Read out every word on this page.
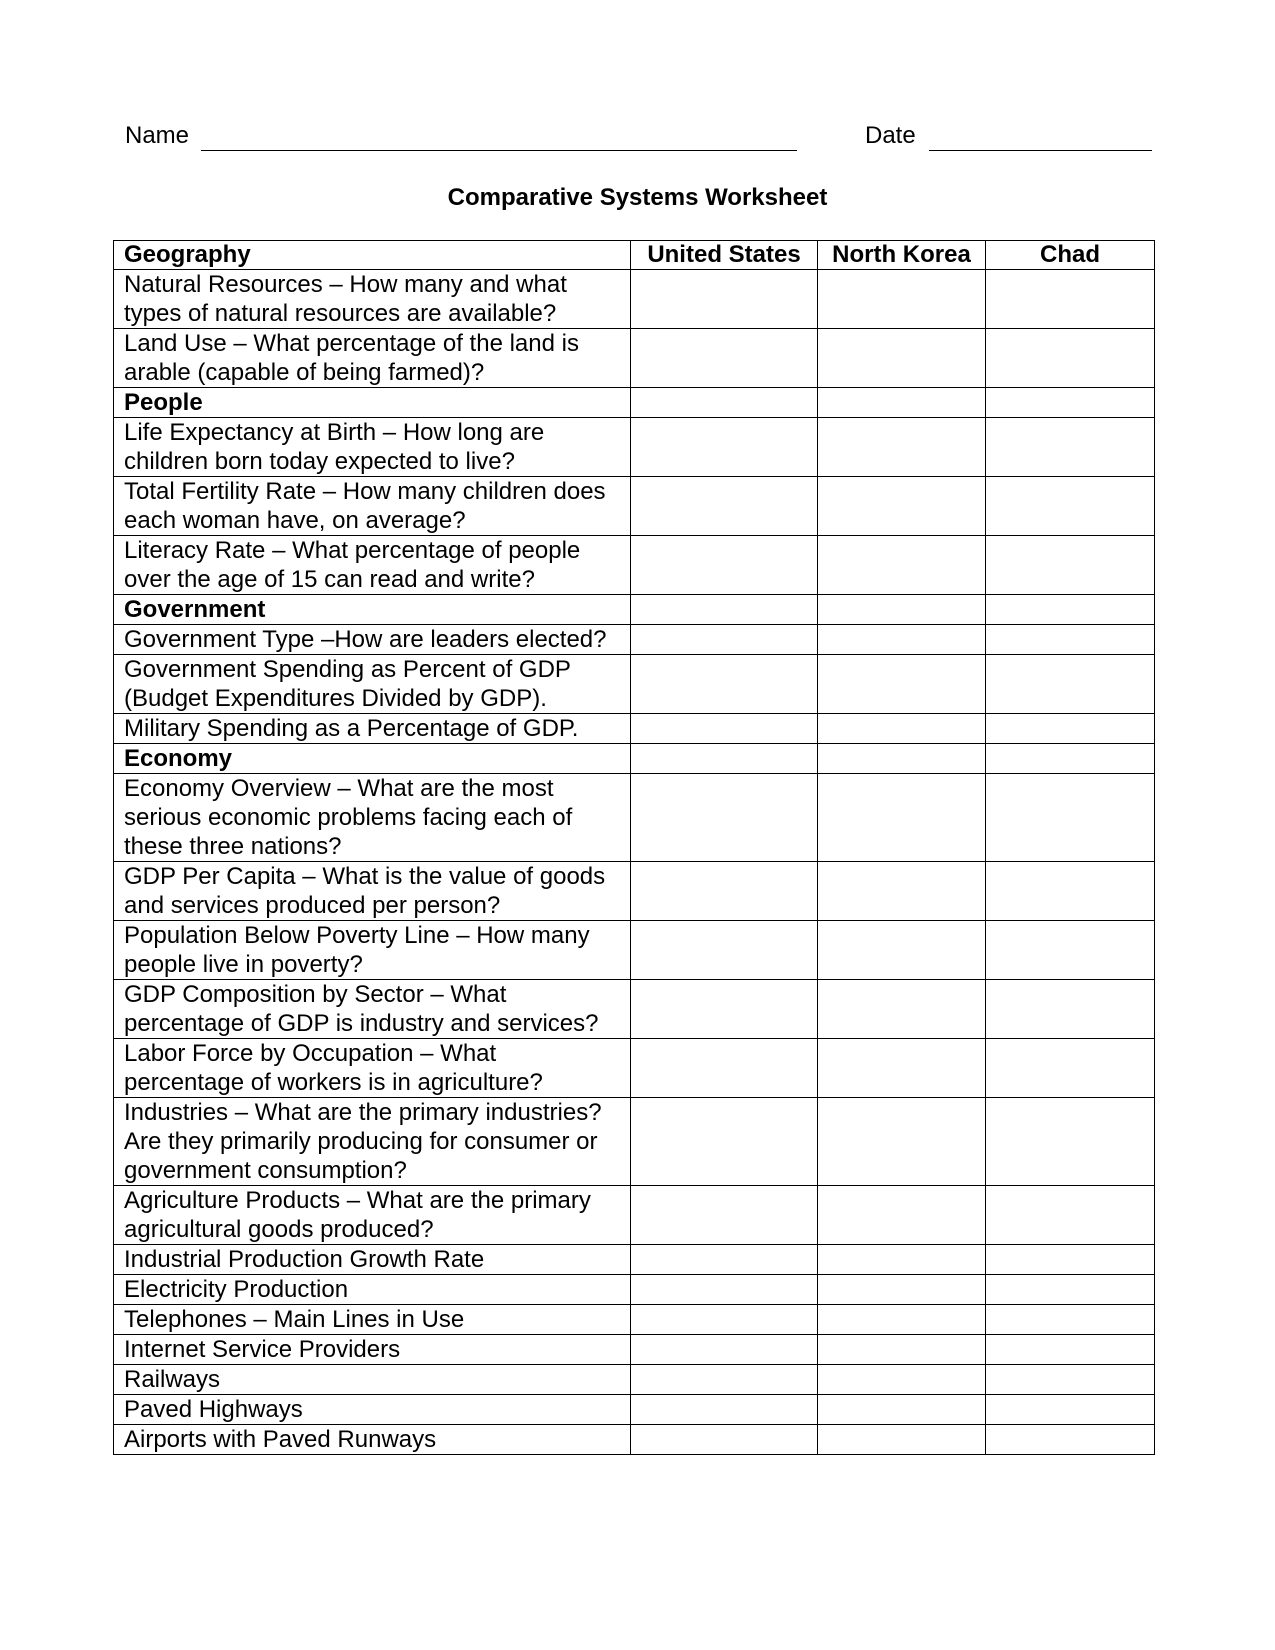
Name	Date
Comparative Systems Worksheet
Geography	United States	North Korea	Chad
Natural Resources – How many and what types of natural resources are available?			
Land Use – What percentage of the land is arable (capable of being farmed)?			
People			
Life Expectancy at Birth – How long are children born today expected to live?			
Total Fertility Rate – How many children does each woman have, on average?			
Literacy Rate – What percentage of people over the age of 15 can read and write?			
Government			
Government Type –How are leaders elected?			
Government Spending as Percent of GDP (Budget Expenditures Divided by GDP).			
Military Spending as a Percentage of GDP.			
Economy			
Economy Overview – What are the most serious economic problems facing each of these three nations?			
GDP Per Capita – What is the value of goods and services produced per person?			
Population Below Poverty Line – How many people live in poverty?			
GDP Composition by Sector – What percentage of GDP is industry and services?			
Labor Force by Occupation – What percentage of workers is in agriculture?			
Industries – What are the primary industries? Are they primarily producing for consumer or government consumption?			
Agriculture Products – What are the primary agricultural goods produced?			
Industrial Production Growth Rate			
Electricity Production			
Telephones – Main Lines in Use			
Internet Service Providers			
Railways			
Paved Highways			
Airports with Paved Runways			
